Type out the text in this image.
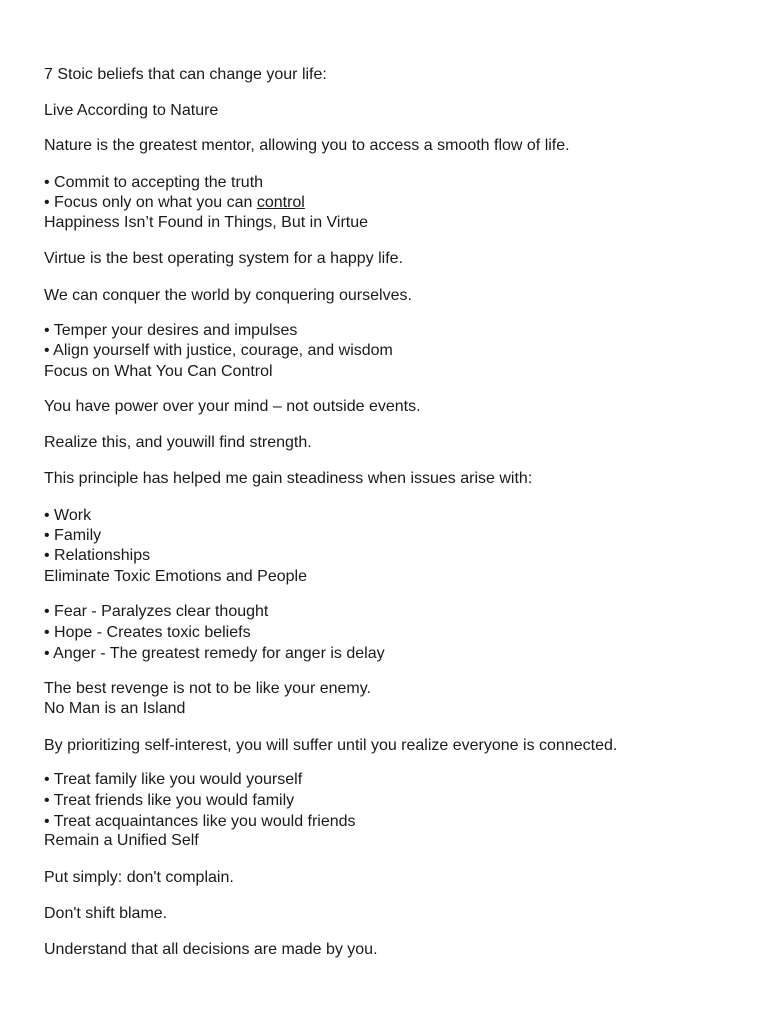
7 Stoic beliefs that can change your life:

Live According to Nature

Nature is the greatest mentor, allowing you to access a smooth flow of life.

• Commit to accepting the truth

• Focus only on what you can control

Happiness Isn’t Found in Things, But in Virtue

Virtue is the best operating system for a happy life.

We can conquer the world by conquering ourselves.

• Temper your desires and impulses

• Align yourself with justice, courage, and wisdom

Focus on What You Can Control

You have power over your mind – not outside events.

Realize this, and youwill find strength.

This principle has helped me gain steadiness when issues arise with:

• Work

• Family

• Relationships

Eliminate Toxic Emotions and People

• Fear - Paralyzes clear thought

• Hope - Creates toxic beliefs

• Anger - The greatest remedy for anger is delay

The best revenge is not to be like your enemy.

No Man is an Island

By prioritizing self-interest, you will suffer until you realize everyone is connected.

• Treat family like you would yourself

• Treat friends like you would family

• Treat acquaintances like you would friends

Remain a Unified Self

Put simply: don't complain.

Don't shift blame.

Understand that all decisions are made by you.
